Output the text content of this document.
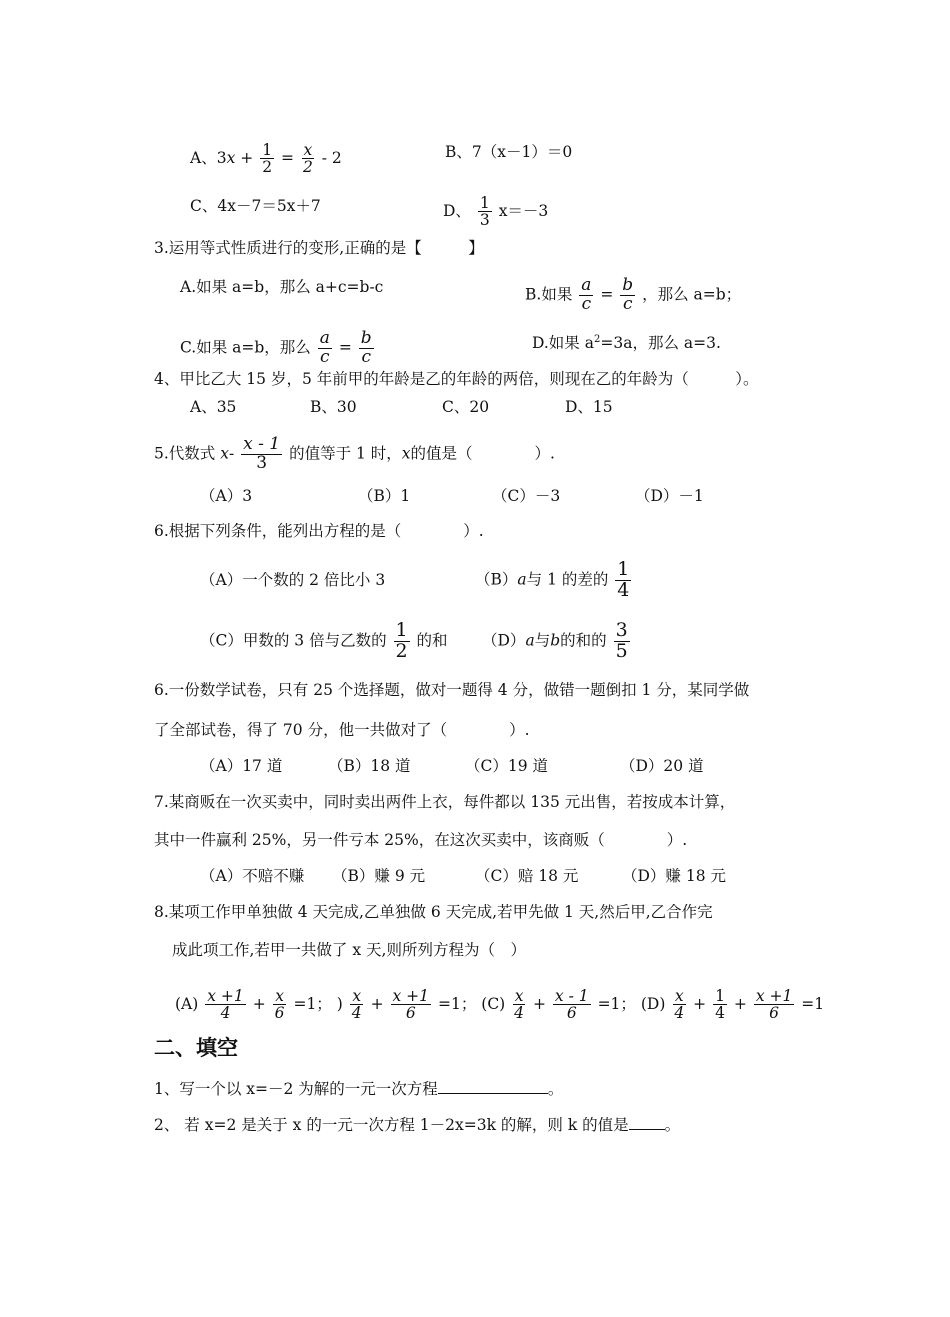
A、$3x + \frac{1}{2} = \frac{x}{2} - 2$	B、7（x－1）＝0
C、4x－7＝5x＋7	D、 $\frac{1}{3} x=-3$
3.运用等式性质进行的变形,正确的是【　　　】
A.如果 a=b，那么 a+c=b-c	B.如果 $\frac{a}{c} = \frac{b}{c}$ ，那么 a=b；
C.如果 a=b，那么 $\frac{a}{c} = \frac{b}{c}$	D.如果 $a^2=3a$，那么 a=3.
4、甲比乙大 15 岁，5 年前甲的年龄是乙的年龄的两倍，则现在乙的年龄为（　　　）。
A、35	B、30	C、20	D、15
5.代数式 $x- \frac{x - 1}{3}$ 的值等于 1 时，x的值是（　　　　）.
（A）3	（B）1	（C）－3	（D）－1
6.根据下列条件，能列出方程的是（　　　　）.
（A）一个数的 2 倍比小 3	（B）a与 1 的差的 $\frac{1}{4}$
（C）甲数的 3 倍与乙数的 $\frac{1}{2}$ 的和 （D）a与b的和的 $\frac{3}{5}$
6.一份数学试卷，只有 25 个选择题，做对一题得 4 分，做错一题倒扣 1 分，某同学做
了全部试卷，得了 70 分，他一共做对了（　　　　）.
（A）17 道	（B）18 道	（C）19 道	（D）20 道
7.某商贩在一次买卖中，同时卖出两件上衣，每件都以 135 元出售，若按成本计算，
其中一件赢利 25%，另一件亏本 25%，在这次买卖中，该商贩（　　　　）.
（A）不赔不赚 （B）赚 9 元	（C）赔 18 元	（D）赚 18 元
8.某项工作甲单独做 4 天完成,乙单独做 6 天完成,若甲先做 1 天,然后甲,乙合作完
成此项工作,若甲一共做了 x 天,则所列方程为（　）
$(A) \frac{x +1}{4} + \frac{x}{6} =1$； ) $\frac{x}{4} + \frac{x +1}{6} =1$； $(C) \frac{x}{4} + \frac{x - 1}{6} =1$； $(D) \frac{x}{4} + \frac{1}{4} + \frac{x +1}{6} =1$
二、填空
1、写一个以 x=－2 为解的一元一次方程	。
2、 若 x=2 是关于 x 的一元一次方程 1－2x=3k 的解，则 k 的值是 。
